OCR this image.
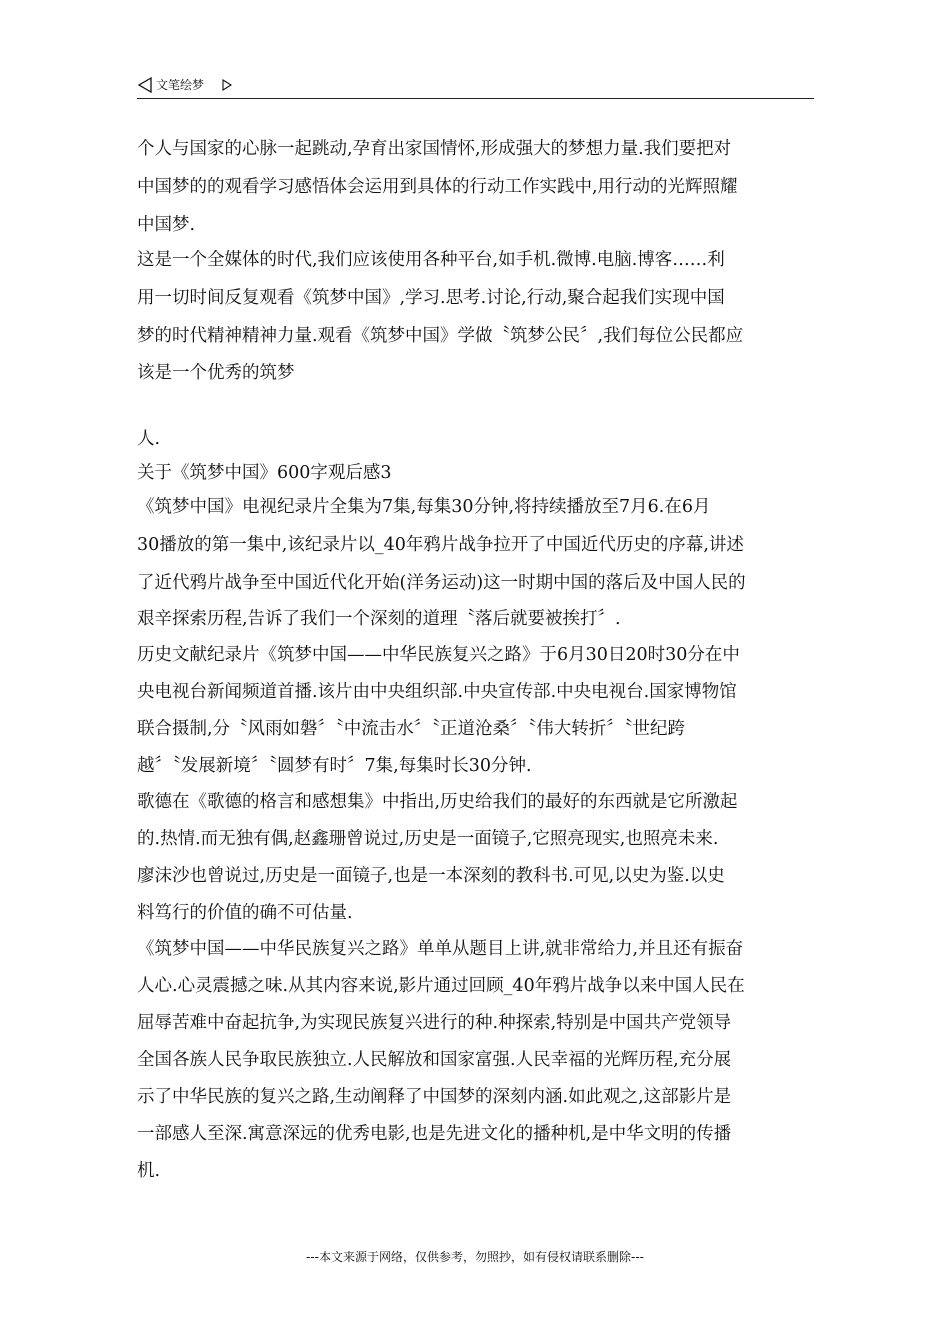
文笔绘梦
个人与国家的心脉一起跳动,孕育出家国情怀,形成强大的梦想力量.我们要把对
中国梦的的观看学习感悟体会运用到具体的行动工作实践中,用行动的光辉照耀
中国梦.
这是一个全媒体的时代,我们应该使用各种平台,如手机.微博.电脑.博客……利
用一切时间反复观看《筑梦中国》,学习.思考.讨论,行动,聚合起我们实现中国
梦的时代精神精神力量.观看《筑梦中国》学做〝筑梦公民〞,我们每位公民都应
该是一个优秀的筑梦
人.
关于《筑梦中国》600字观后感3
《筑梦中国》电视纪录片全集为7集,每集30分钟,将持续播放至7月6.在6月
30播放的第一集中,该纪录片以_40年鸦片战争拉开了中国近代历史的序幕,讲述
了近代鸦片战争至中国近代化开始(洋务运动)这一时期中国的落后及中国人民的
艰辛探索历程,告诉了我们一个深刻的道理〝落后就要被挨打〞.
历史文献纪录片《筑梦中国——中华民族复兴之路》于6月30日20时30分在中
央电视台新闻频道首播.该片由中央组织部.中央宣传部.中央电视台.国家博物馆
联合摄制,分〝风雨如磐〞〝中流击水〞〝正道沧桑〞〝伟大转折〞〝世纪跨
越〞〝发展新境〞〝圆梦有时〞7集,每集时长30分钟.
歌德在《歌德的格言和感想集》中指出,历史给我们的最好的东西就是它所激起
的.热情.而无独有偶,赵鑫珊曾说过,历史是一面镜子,它照亮现实,也照亮未来.
廖沫沙也曾说过,历史是一面镜子,也是一本深刻的教科书.可见,以史为鉴.以史
料笃行的价值的确不可估量.
《筑梦中国——中华民族复兴之路》单单从题目上讲,就非常给力,并且还有振奋
人心.心灵震撼之味.从其内容来说,影片通过回顾_40年鸦片战争以来中国人民在
屈辱苦难中奋起抗争,为实现民族复兴进行的种.种探索,特别是中国共产党领导
全国各族人民争取民族独立.人民解放和国家富强.人民幸福的光辉历程,充分展
示了中华民族的复兴之路,生动阐释了中国梦的深刻内涵.如此观之,这部影片是
一部感人至深.寓意深远的优秀电影,也是先进文化的播种机,是中华文明的传播
机.
---本文来源于网络，仅供参考，勿照抄，如有侵权请联系删除---
